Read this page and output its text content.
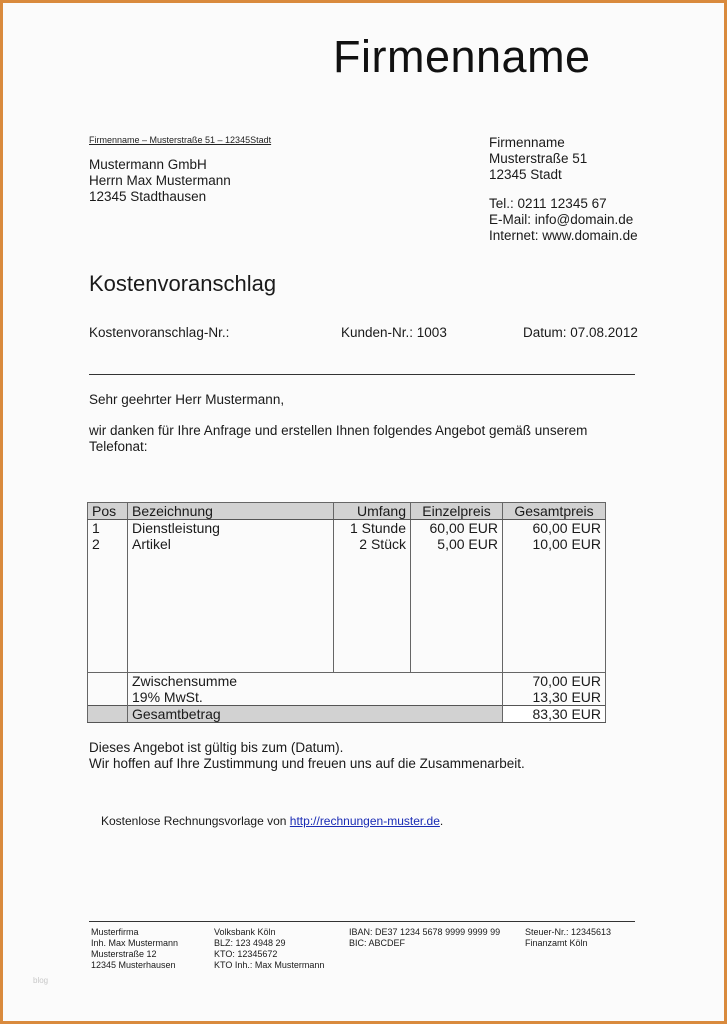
Firmenname
Firmenname – Musterstraße 51 – 12345Stadt
Mustermann GmbH
Herrn Max Mustermann
12345 Stadthausen
Firmenname
Musterstraße 51
12345 Stadt
Tel.: 0211 12345 67
E-Mail: info@domain.de
Internet: www.domain.de
Kostenvoranschlag
Kostenvoranschlag-Nr.:	Kunden-Nr.: 1003	Datum: 07.08.2012
Sehr geehrter Herr Mustermann,
wir danken für Ihre Anfrage und erstellen Ihnen folgendes Angebot gemäß unserem
Telefonat:
Pos	Bezeichnung	Umfang	Einzelpreis	Gesamtpreis
1	Dienstleistung	1 Stunde	60,00 EUR	60,00 EUR
2	Artikel	2 Stück	5,00 EUR	10,00 EUR

	Zwischensumme			70,00 EUR
	19% MwSt.			13,30 EUR
	Gesamtbetrag			83,30 EUR
Dieses Angebot ist gültig bis zum (Datum).
Wir hoffen auf Ihre Zustimmung und freuen uns auf die Zusammenarbeit.
Kostenlose Rechnungsvorlage von http://rechnungen-muster.de.
Musterfirma
Inh. Max Mustermann
Musterstraße 12
12345 Musterhausen
Volksbank Köln
BLZ: 123 4948 29
KTO: 12345672
KTO Inh.: Max Mustermann
IBAN: DE37 1234 5678 9999 9999 99
BIC: ABCDEF
Steuer-Nr.: 12345613
Finanzamt Köln
blog
